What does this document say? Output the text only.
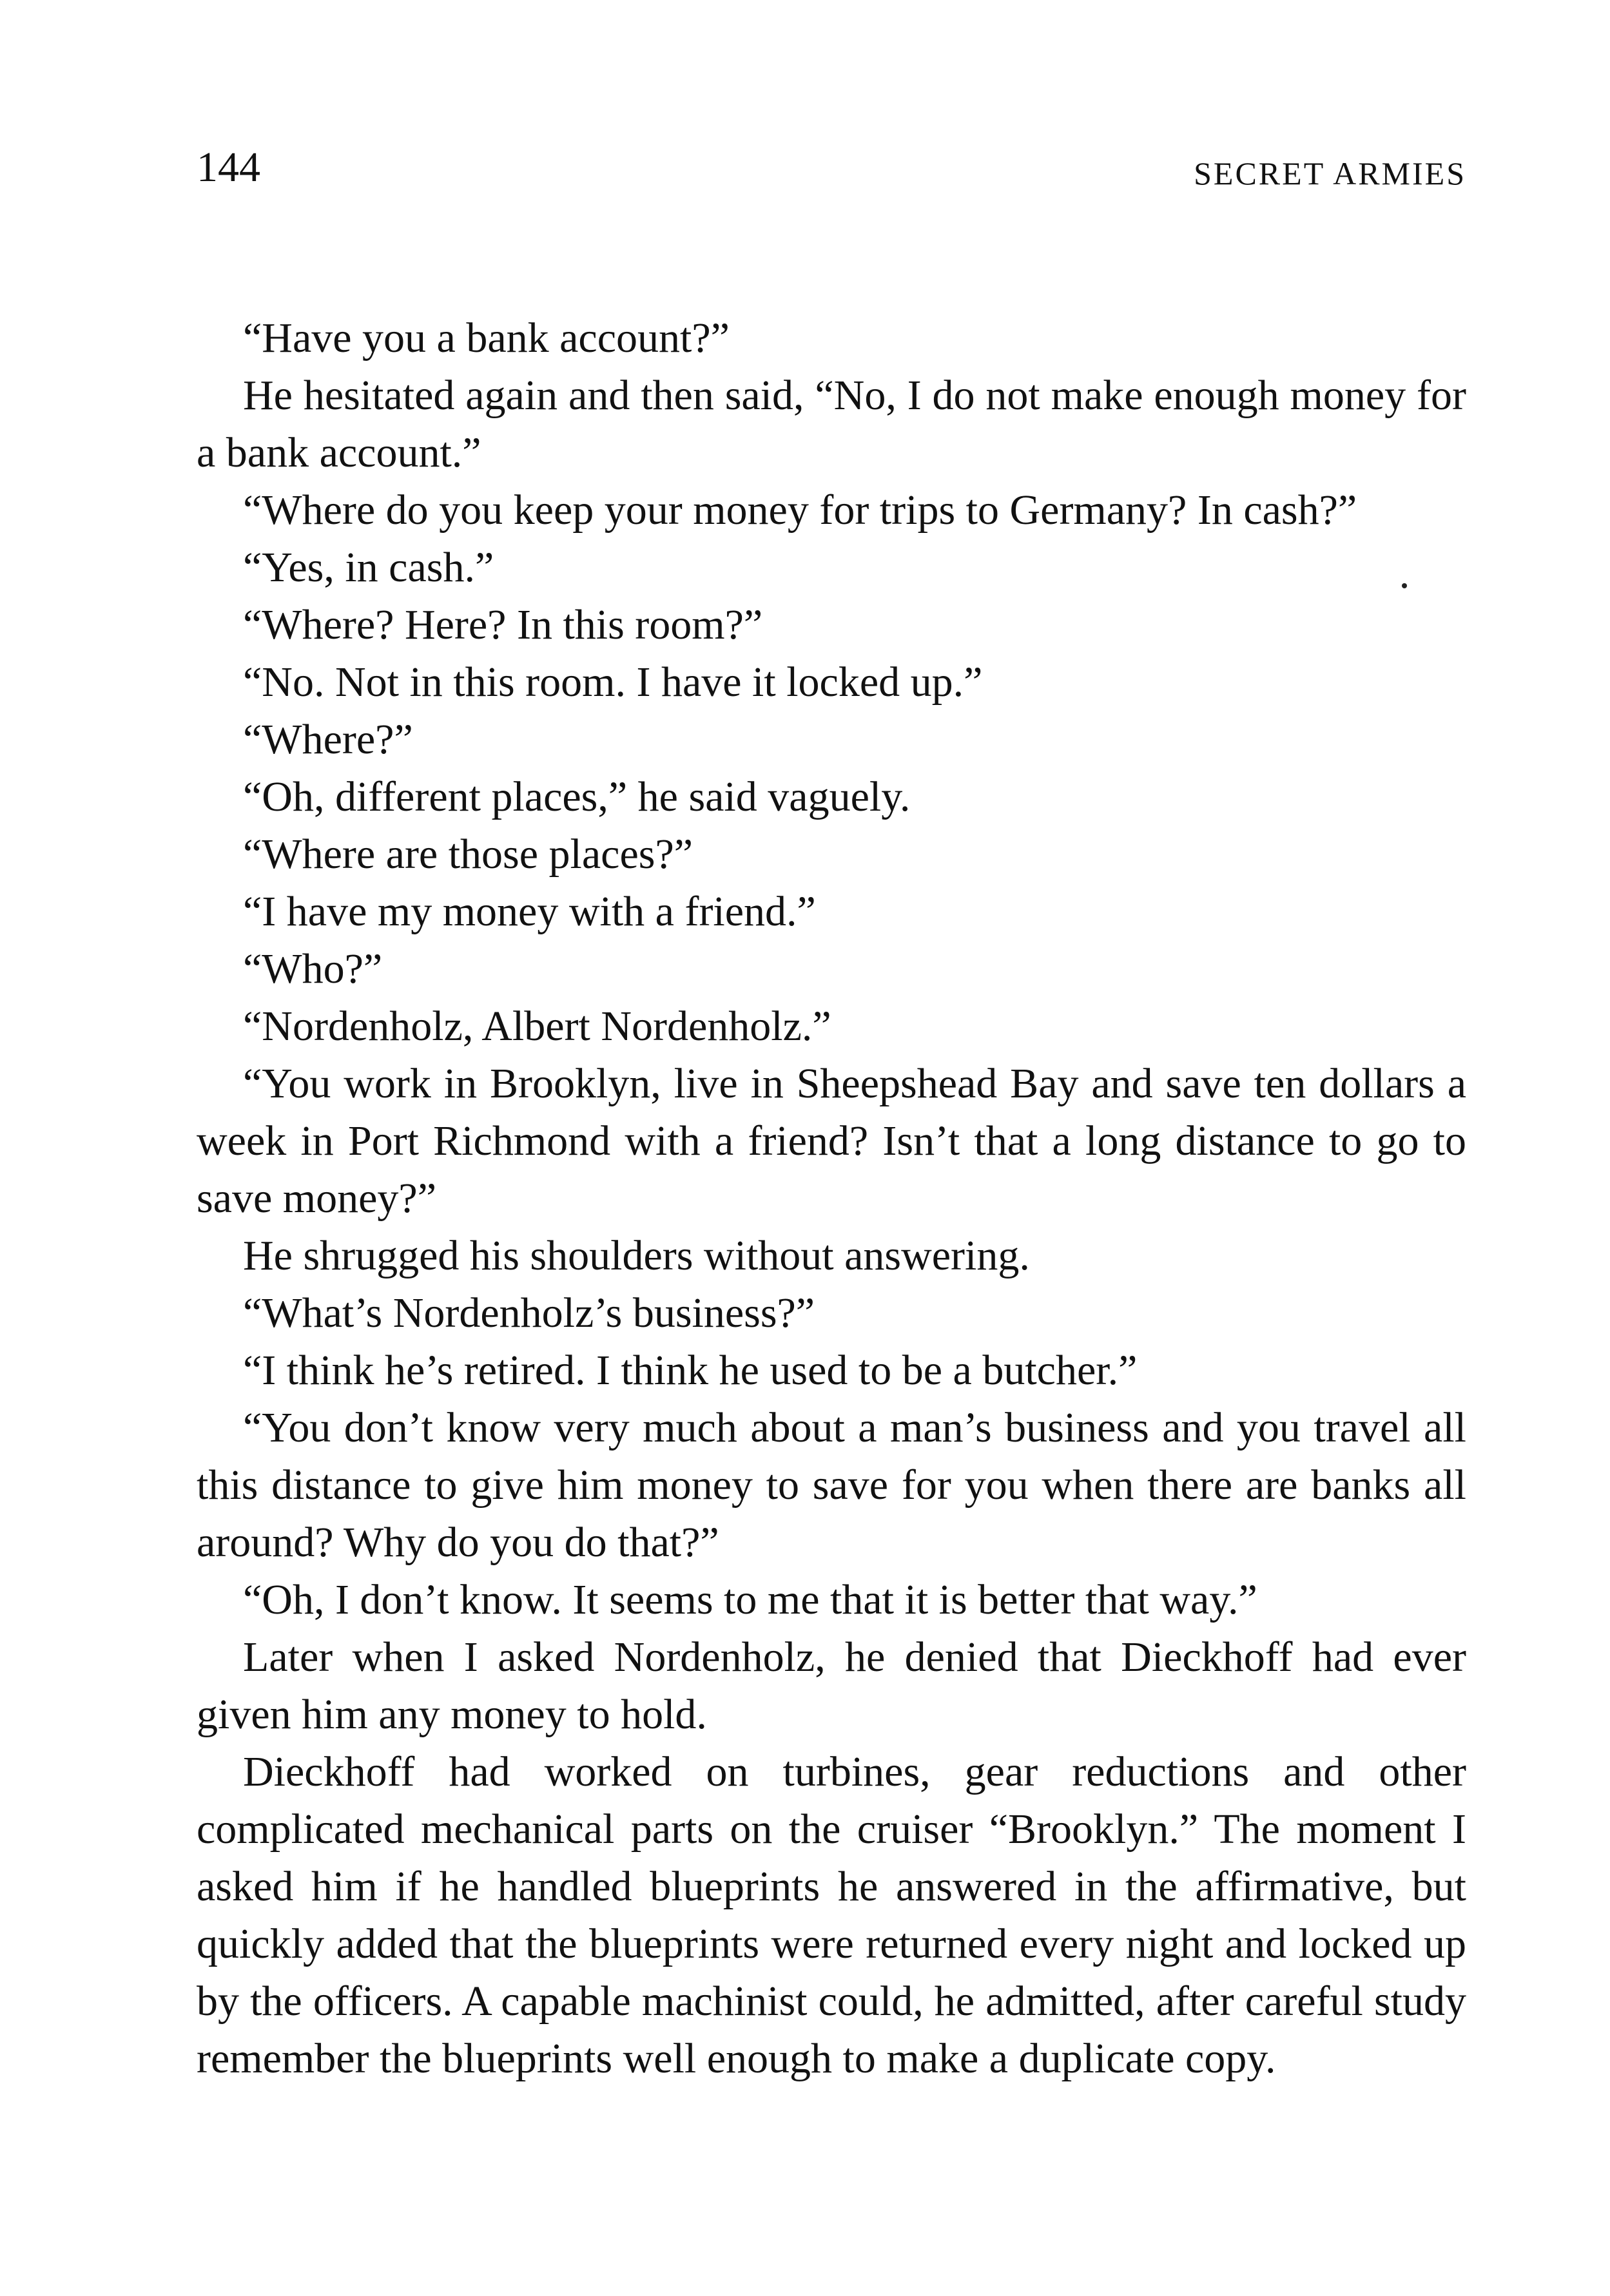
144	SECRET ARMIES

“Have you a bank account?”

He hesitated again and then said, “No, I do not make enough money for a bank account.”

“Where do you keep your money for trips to Germany? In cash?”

“Yes, in cash.”

“Where? Here? In this room?”

“No. Not in this room. I have it locked up.”

“Where?”

“Oh, different places,” he said vaguely.

“Where are those places?”

“I have my money with a friend.”

“Who?”

“Nordenholz, Albert Nordenholz.”

“You work in Brooklyn, live in Sheepshead Bay and save ten dollars a week in Port Richmond with a friend? Isn’t that a long distance to go to save money?”

He shrugged his shoulders without answering.

“What’s Nordenholz’s business?”

“I think he’s retired. I think he used to be a butcher.”

“You don’t know very much about a man’s business and you travel all this distance to give him money to save for you when there are banks all around? Why do you do that?”

“Oh, I don’t know. It seems to me that it is better that way.”

Later when I asked Nordenholz, he denied that Dieckhoff had ever given him any money to hold.

Dieckhoff had worked on turbines, gear reductions and other complicated mechanical parts on the cruiser “Brooklyn.” The moment I asked him if he handled blueprints he answered in the affirmative, but quickly added that the blueprints were returned every night and locked up by the officers. A capable machinist could, he admitted, after careful study remember the blueprints well enough to make a duplicate copy.
